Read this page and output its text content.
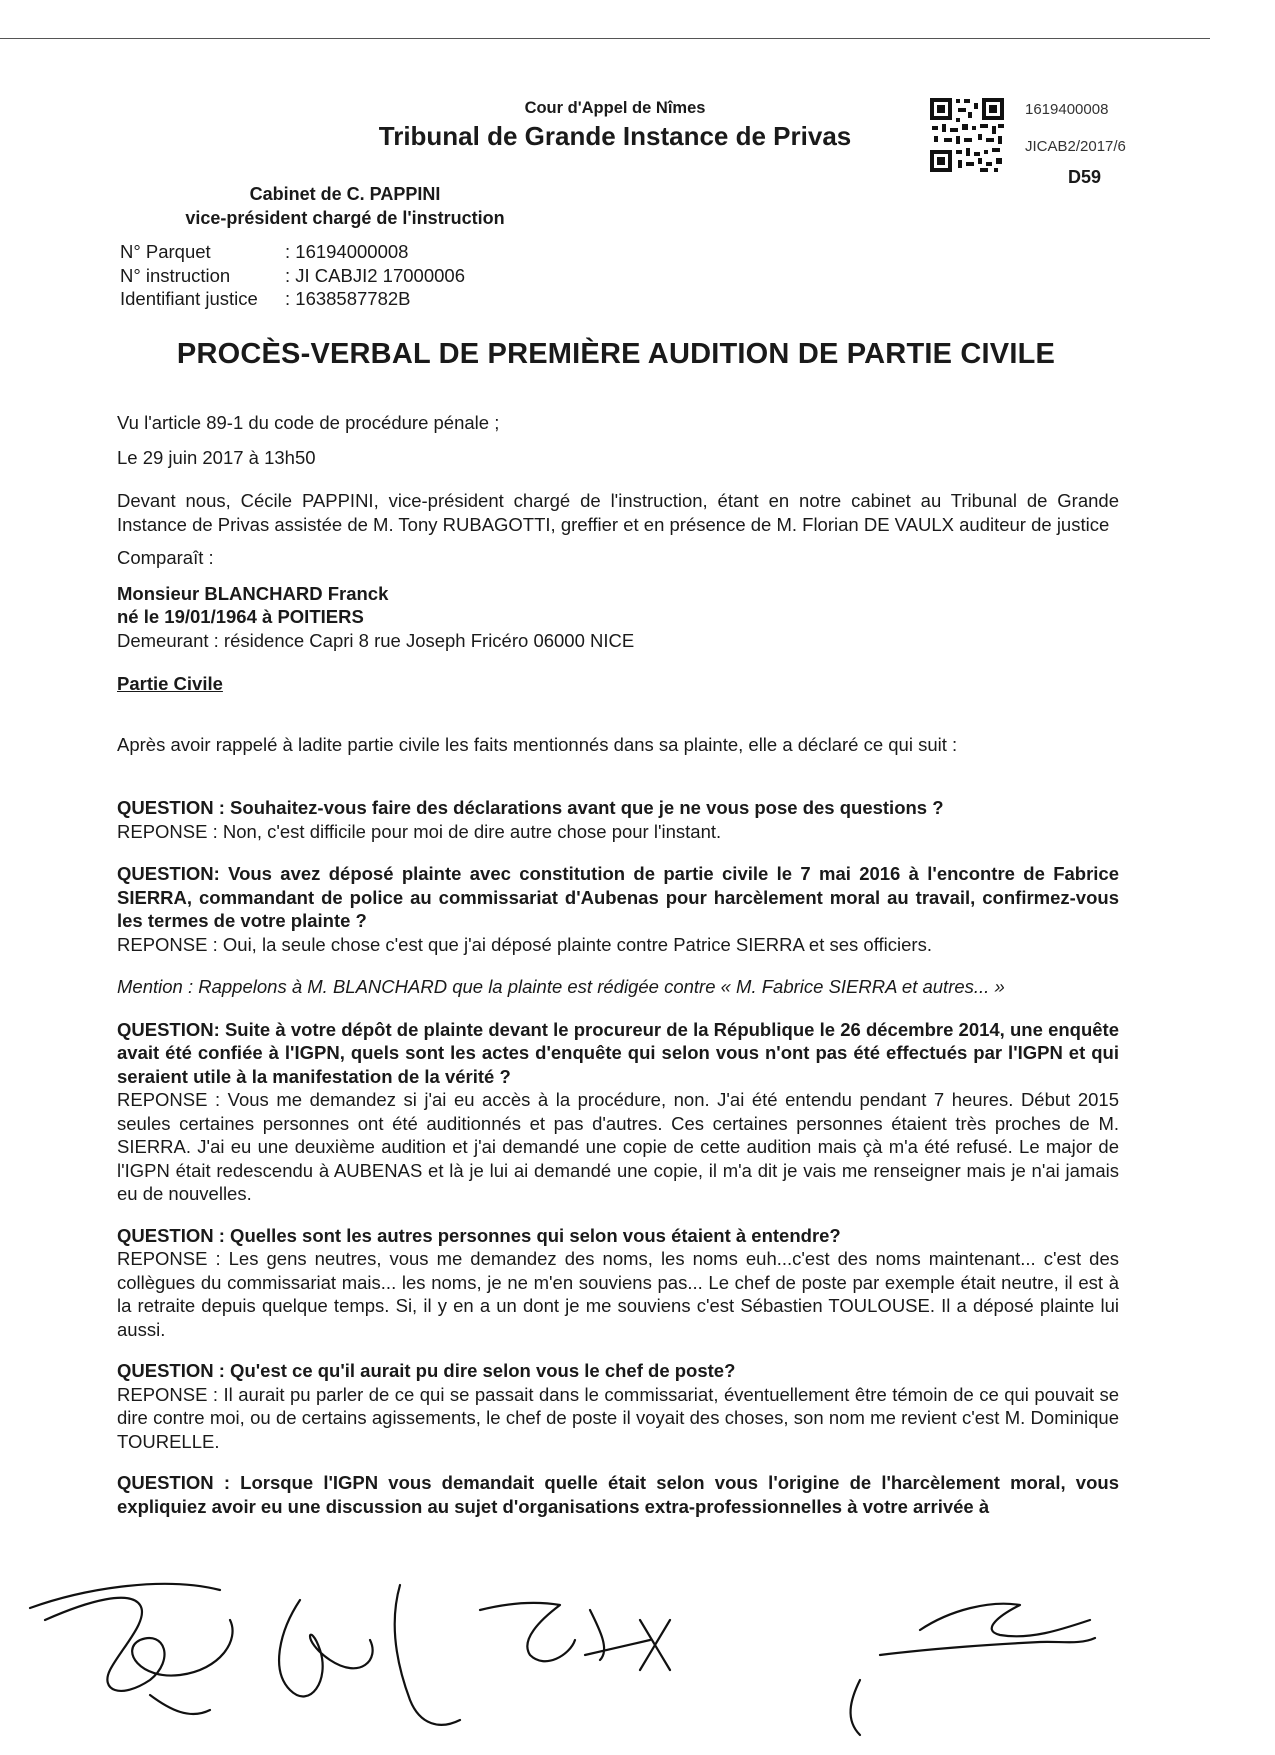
Cour d'Appel de Nîmes
Tribunal de Grande Instance de Privas
1619400008
JICAB2/2017/6
D59
Cabinet de C. PAPPINI
vice-président chargé de l'instruction
N° Parquet	: 16194000008
N° instruction	: JI CABJI2 17000006
Identifiant justice	: 1638587782B
PROCÈS-VERBAL DE PREMIÈRE AUDITION DE PARTIE CIVILE

Vu l'article 89-1 du code de procédure pénale ;

Le 29 juin 2017 à 13h50

Devant nous, Cécile PAPPINI, vice-président chargé de l'instruction, étant en notre cabinet au Tribunal de Grande Instance de Privas assistée de M. Tony RUBAGOTTI, greffier et en présence de M. Florian DE VAULX auditeur de justice

Comparaît :

Monsieur BLANCHARD Franck

né le 19/01/1964 à POITIERS

Demeurant : résidence Capri 8 rue Joseph Fricéro 06000 NICE

Partie Civile

Après avoir rappelé à ladite partie civile les faits mentionnés dans sa plainte, elle a déclaré ce qui suit :

QUESTION : Souhaitez-vous faire des déclarations avant que je ne vous pose des questions ?

REPONSE : Non, c'est difficile pour moi de dire autre chose pour l'instant.

QUESTION: Vous avez déposé plainte avec constitution de partie civile le 7 mai 2016 à l'encontre de Fabrice SIERRA, commandant de police au commissariat d'Aubenas pour harcèlement moral au travail, confirmez-vous les termes de votre plainte ?

REPONSE : Oui, la seule chose c'est que j'ai déposé plainte contre Patrice SIERRA et ses officiers.

Mention : Rappelons à M. BLANCHARD que la plainte est rédigée contre « M. Fabrice SIERRA et autres... »

QUESTION: Suite à votre dépôt de plainte devant le procureur de la République le 26 décembre 2014, une enquête avait été confiée à l'IGPN, quels sont les actes d'enquête qui selon vous n'ont pas été effectués par l'IGPN et qui seraient utile à la manifestation de la vérité ?

REPONSE : Vous me demandez si j'ai eu accès à la procédure, non. J'ai été entendu pendant 7 heures. Début 2015 seules certaines personnes ont été auditionnés et pas d'autres. Ces certaines personnes étaient très proches de M. SIERRA. J'ai eu une deuxième audition et j'ai demandé une copie de cette audition mais çà m'a été refusé. Le major de l'IGPN était redescendu à AUBENAS et là je lui ai demandé une copie, il m'a dit je vais me renseigner mais je n'ai jamais eu de nouvelles.

QUESTION : Quelles sont les autres personnes qui selon vous étaient à entendre?

REPONSE : Les gens neutres, vous me demandez des noms, les noms euh...c'est des noms maintenant... c'est des collègues du commissariat mais... les noms, je ne m'en souviens pas... Le chef de poste par exemple était neutre, il est à la retraite depuis quelque temps. Si, il y en a un dont je me souviens c'est Sébastien TOULOUSE. Il a déposé plainte lui aussi.

QUESTION : Qu'est ce qu'il aurait pu dire selon vous le chef de poste?

REPONSE : Il aurait pu parler de ce qui se passait dans le commissariat, éventuellement être témoin de ce qui pouvait se dire contre moi, ou de certains agissements, le chef de poste il voyait des choses, son nom me revient c'est M. Dominique TOURELLE.

QUESTION : Lorsque l'IGPN vous demandait quelle était selon vous l'origine de l'harcèlement moral, vous expliquiez avoir eu une discussion au sujet d'organisations extra-professionnelles à votre arrivée à
